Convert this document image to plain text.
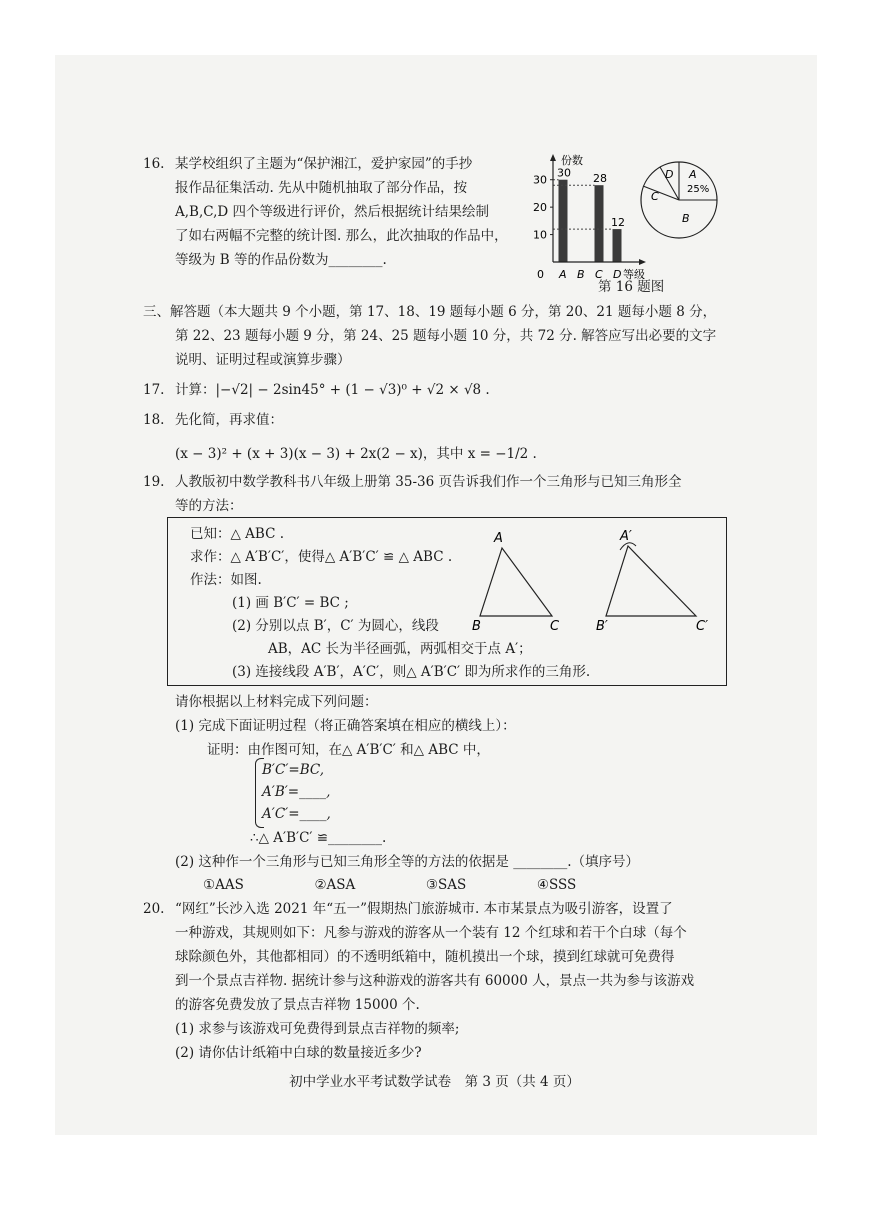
16. 某学校组织了主题为“保护湘江，爱护家园”的手抄
报作品征集活动. 先从中随机抽取了部分作品，按
A,B,C,D 四个等级进行评价，然后根据统计结果绘制
了如右两幅不完整的统计图. 那么，此次抽取的作品中，
等级为 B 等的作品份数为________.
30 28
12
份数
等级
0
10
20
30
A B C D
A
25%
C
B
D
第 16 题图
三、解答题（本大题共 9 个小题，第 17、18、19 题每小题 6 分，第 20、21 题每小题 8 分，
第 22、23 题每小题 9 分，第 24、25 题每小题 10 分，共 72 分. 解答应写出必要的文字
说明、证明过程或演算步骤）
17. 计算：|−√2| − 2sin45° + (1 − √3)⁰ + √2 × √8 .
18. 先化简，再求值：
(x − 3)² + (x + 3)(x − 3) + 2x(2 − x)，其中 x = −1/2 .
19. 人教版初中数学教科书八年级上册第 35-36 页告诉我们作一个三角形与已知三角形全
等的方法：
已知：△ ABC .
求作：△ A′B′C′，使得△ A′B′C′ ≌ △ ABC .
作法：如图.
(1) 画 B′C′ = BC ;
(2) 分别以点 B′，C′ 为圆心，线段
AB，AC 长为半径画弧，两弧相交于点 A′；
(3) 连接线段 A′B′，A′C′，则△ A′B′C′ 即为所求作的三角形.
A
B	C
A′
B′	C′
请你根据以上材料完成下列问题：
(1) 完成下面证明过程（将正确答案填在相应的横线上）：
证明：由作图可知，在△ A′B′C′ 和△ ABC 中，
B′C′=BC,
A′B′=____,
A′C′=____,
∴△ A′B′C′ ≌________.
(2) 这种作一个三角形与已知三角形全等的方法的依据是 ________.（填序号）
①AAS	②ASA	③SAS	④SSS
20. “网红”长沙入选 2021 年“五一”假期热门旅游城市. 本市某景点为吸引游客，设置了
一种游戏，其规则如下：凡参与游戏的游客从一个装有 12 个红球和若干个白球（每个
球除颜色外，其他都相同）的不透明纸箱中，随机摸出一个球，摸到红球就可免费得
到一个景点吉祥物. 据统计参与这种游戏的游客共有 60000 人，景点一共为参与该游戏
的游客免费发放了景点吉祥物 15000 个.
(1) 求参与该游戏可免费得到景点吉祥物的频率;
(2) 请你估计纸箱中白球的数量接近多少?
初中学业水平考试数学试卷　第 3 页（共 4 页）
